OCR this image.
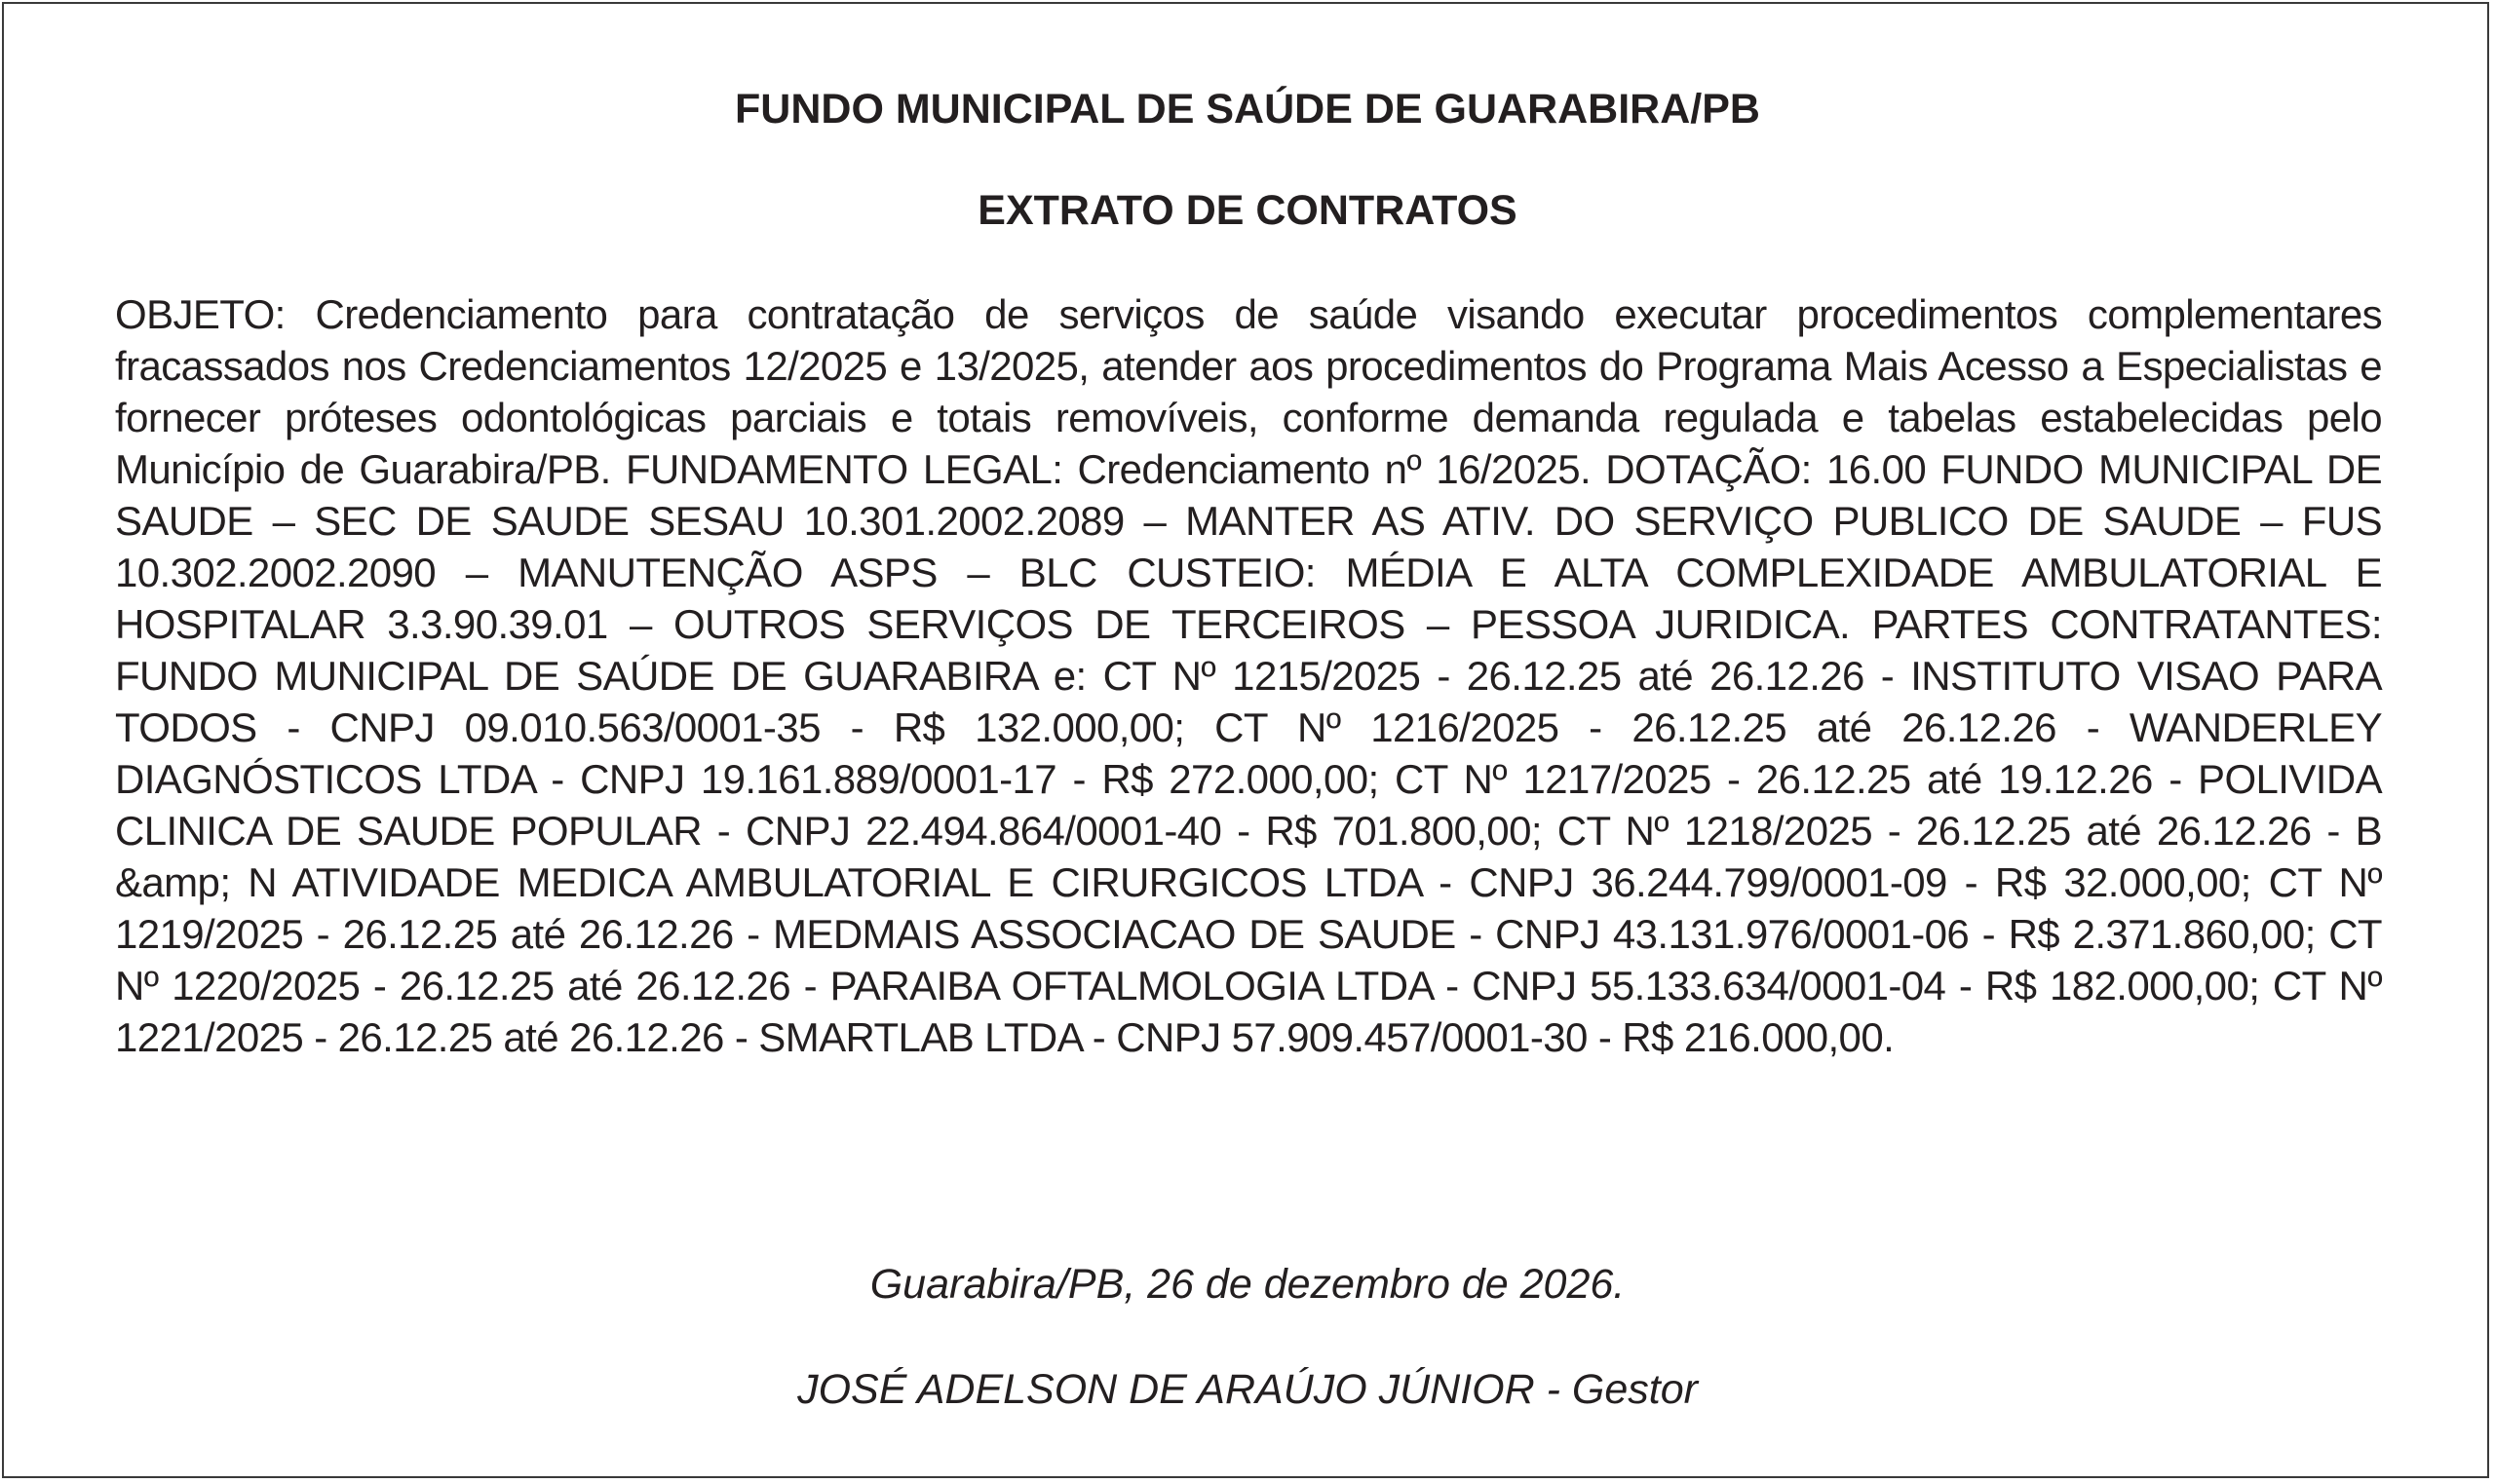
FUNDO MUNICIPAL DE SAÚDE DE GUARABIRA/PB
EXTRATO DE CONTRATOS

OBJETO: Credenciamento para contratação de serviços de saúde visando executar procedimentos complementares fracassados nos Credenciamentos 12/2025 e 13/2025, atender aos procedimentos do Programa Mais Acesso a Especialistas e fornecer próteses odontológicas parciais e totais removíveis, conforme demanda regulada e tabelas estabelecidas pelo Município de Guarabira/PB. FUNDAMENTO LEGAL: Credenciamento nº 16/2025. DOTAÇÃO: 16.00 FUNDO MUNICIPAL DE SAUDE – SEC DE SAUDE SESAU 10.301.2002.2089 – MANTER AS ATIV. DO SERVIÇO PUBLICO DE SAUDE – FUS 10.302.2002.2090 – MANUTENÇÃO ASPS – BLC CUSTEIO: MÉDIA E ALTA COMPLEXIDADE AMBULATORIAL E HOSPITALAR 3.3.90.39.01 – OUTROS SERVIÇOS DE TERCEIROS – PESSOA JURIDICA. PARTES CONTRATANTES: FUNDO MUNICIPAL DE SAÚDE DE GUARABIRA e: CT Nº 1215/2025 - 26.12.25 até 26.12.26 - INSTITUTO VISAO PARA TODOS - CNPJ 09.010.563/0001-35 - R$ 132.000,00; CT Nº 1216/2025 - 26.12.25 até 26.12.26 - WANDERLEY DIAGNÓSTICOS LTDA - CNPJ 19.161.889/0001-17 - R$ 272.000,00; CT Nº 1217/2025 - 26.12.25 até 19.12.26 - POLIVIDA CLINICA DE SAUDE POPULAR - CNPJ 22.494.864/0001-40 - R$ 701.800,00; CT Nº 1218/2025 - 26.12.25 até 26.12.26 - B &amp; N ATIVIDADE MEDICA AMBULATORIAL E CIRURGICOS LTDA - CNPJ 36.244.799/0001-09 - R$ 32.000,00; CT Nº 1219/2025 - 26.12.25 até 26.12.26 - MEDMAIS ASSOCIACAO DE SAUDE - CNPJ 43.131.976/0001-06 - R$ 2.371.860,00; CT Nº 1220/2025 - 26.12.25 até 26.12.26 - PARAIBA OFTALMOLOGIA LTDA - CNPJ 55.133.634/0001-04 - R$ 182.000,00; CT Nº 1221/2025 - 26.12.25 até 26.12.26 - SMARTLAB LTDA - CNPJ 57.909.457/0001-30 - R$ 216.000,00.

Guarabira/PB, 26 de dezembro de 2026.

JOSÉ ADELSON DE ARAÚJO JÚNIOR - Gestor
